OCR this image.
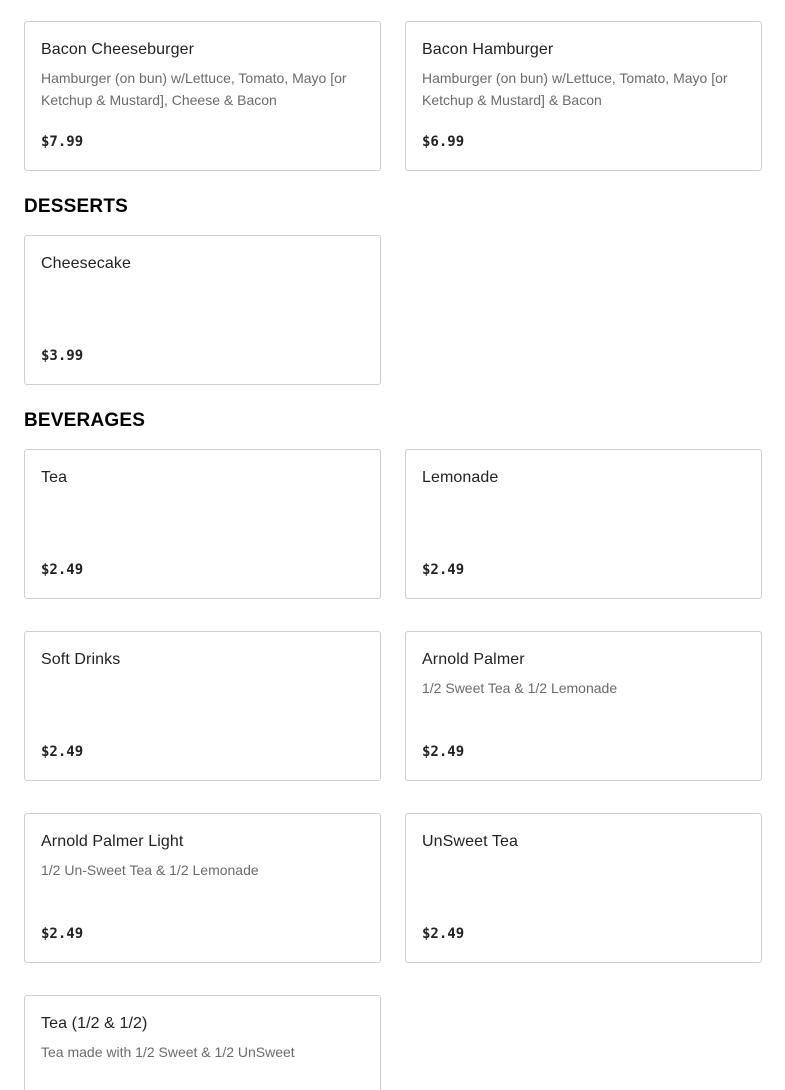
Bacon Cheeseburger
Hamburger (on bun) w/Lettuce, Tomato, Mayo [or Ketchup & Mustard], Cheese & Bacon
$7.99
Bacon Hamburger
Hamburger (on bun) w/Lettuce, Tomato, Mayo [or Ketchup & Mustard] & Bacon
$6.99
DESSERTS
Cheesecake
$3.99
BEVERAGES
Tea
$2.49
Lemonade
$2.49
Soft Drinks
$2.49
Arnold Palmer
1/2 Sweet Tea & 1/2 Lemonade
$2.49
Arnold Palmer Light
1/2 Un-Sweet Tea & 1/2 Lemonade
$2.49
UnSweet Tea
$2.49
Tea (1/2 & 1/2)
Tea made with 1/2 Sweet & 1/2 UnSweet
